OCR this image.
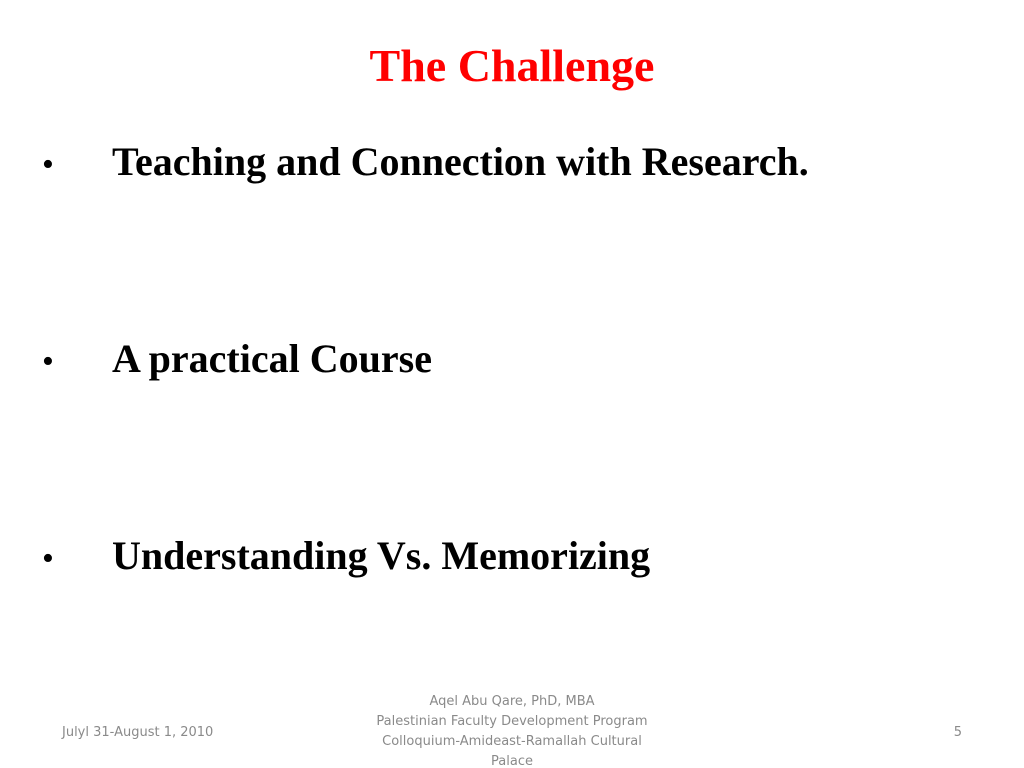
The Challenge
• Teaching and Connection with Research.
• A practical Course
• Understanding Vs. Memorizing
Julyl 31-August 1, 2010
Aqel Abu Qare, PhD, MBA
Palestinian Faculty Development Program
Colloquium-Amideast-Ramallah Cultural
Palace
5
